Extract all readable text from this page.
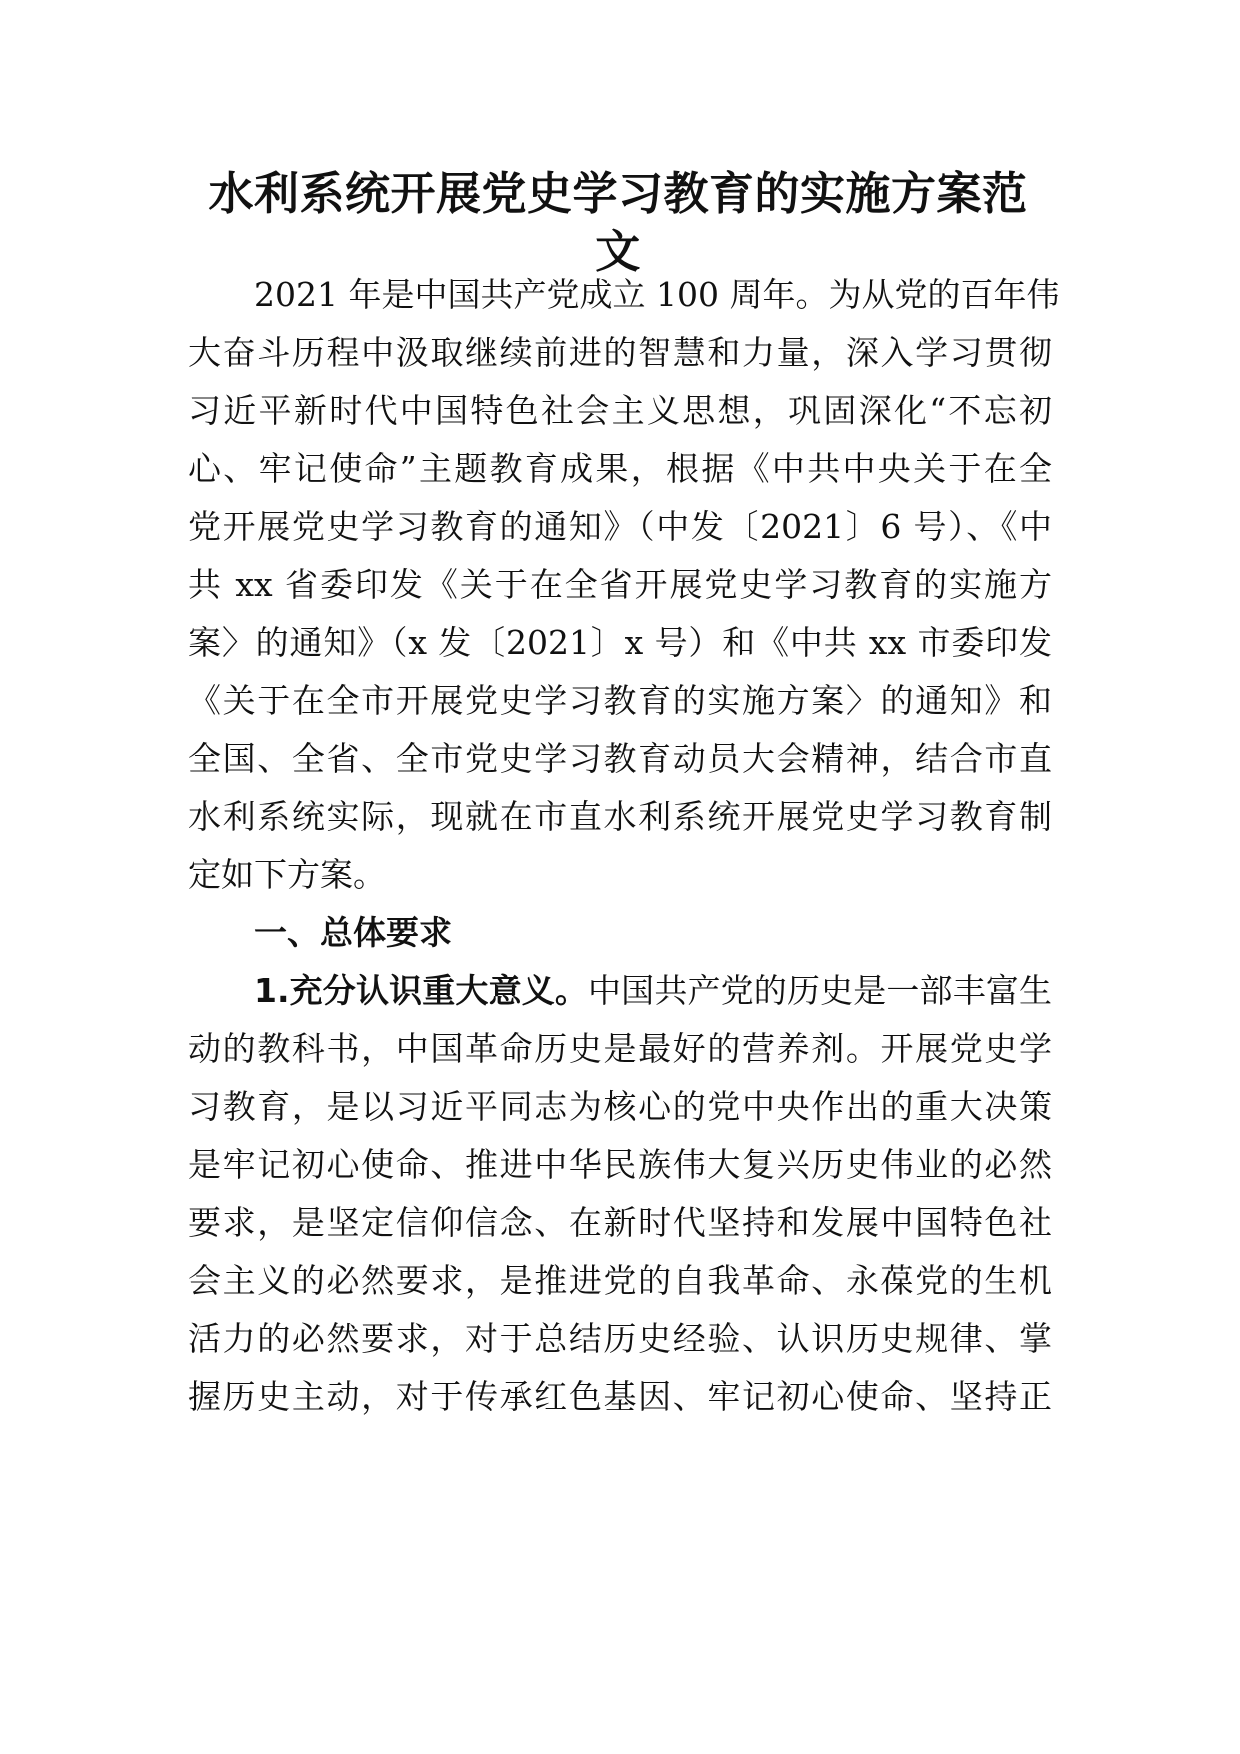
水利系统开展党史学习教育的实施方案范
文
2021 年是中国共产党成立 100 周年。为从党的百年伟
大奋斗历程中汲取继续前进的智慧和力量，深入学习贯彻
习近平新时代中国特色社会主义思想，巩固深化“不忘初
心、牢记使命”主题教育成果，根据《中共中央关于在全
党开展党史学习教育的通知》（中发〔2021〕6 号）、《中
共 xx 省委印发《关于在全省开展党史学习教育的实施方
案〉的通知》（x 发〔2021〕x 号）和《中共 xx 市委印发
《关于在全市开展党史学习教育的实施方案〉的通知》和
全国、全省、全市党史学习教育动员大会精神，结合市直
水利系统实际，现就在市直水利系统开展党史学习教育制
定如下方案。
一、总体要求
1.充分认识重大意义。中国共产党的历史是一部丰富生
动的教科书，中国革命历史是最好的营养剂。开展党史学
习教育，是以习近平同志为核心的党中央作出的重大决策
是牢记初心使命、推进中华民族伟大复兴历史伟业的必然
要求，是坚定信仰信念、在新时代坚持和发展中国特色社
会主义的必然要求，是推进党的自我革命、永葆党的生机
活力的必然要求，对于总结历史经验、认识历史规律、掌
握历史主动，对于传承红色基因、牢记初心使命、坚持正
